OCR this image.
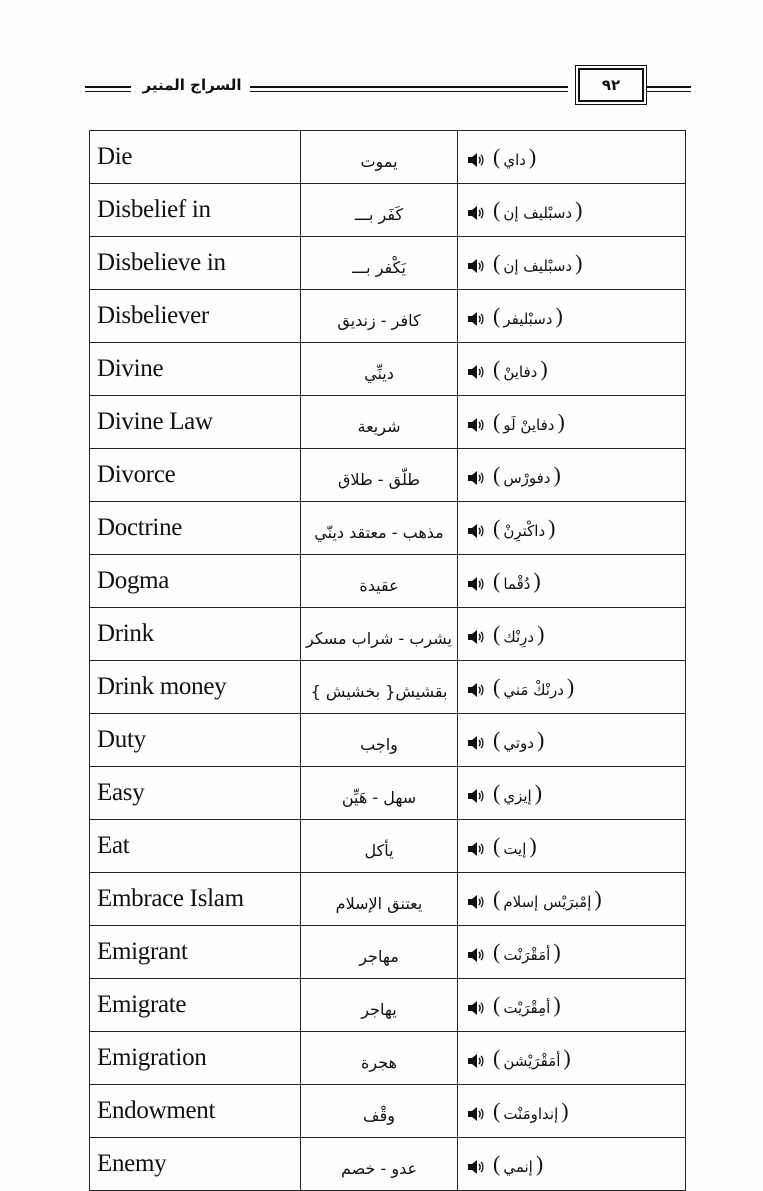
السراج المنير	٩٢
Die	يموت	( داي )
Disbelief in	كَفَر بـــ	( دسبْليف إن )
Disbelieve in	يَكْفر بـــ	( دسبْليف إن )
Disbeliever	كافر - زنديق	( دسبْليفر )
Divine	دينِّي	( دفاينْ )
Divine Law	شريعة	( دفاينْ لَو )
Divorce	طلّق - طلاق	( دفورْس )
Doctrine	مذهب - معتقد دينّي	( داكْترِنْ )
Dogma	عقيدة	( دُقْما )
Drink	يشرب - شراب مسكر	( درِنْك )
Drink money	بقشيش{ بخشيش }	( درنْكْ مَني )
Duty	واجب	( دوتي )
Easy	سهل - هَيِّن	( إيزي )
Eat	يأكل	( إيت )
Embrace Islam	يعتنق الإسلام	( إمْبرَيْس إسلام )
Emigrant	مهاجر	( أمَقْرَنْت )
Emigrate	يهاجر	( أمِقْرَيْت )
Emigration	هجرة	( أمَقْرَيْشن )
Endowment	وقْف	( إنداومَنْت )
Enemy	عدو - خصم	( إنمي )
